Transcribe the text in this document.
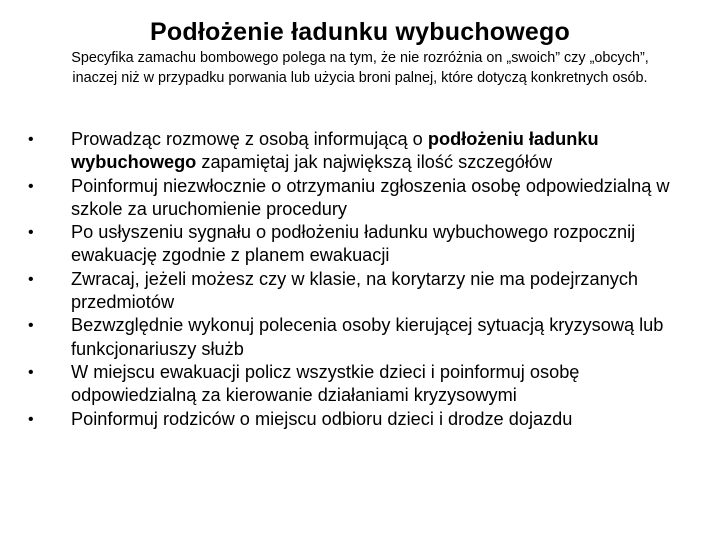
Podłożenie ładunku wybuchowego
Specyfika zamachu bombowego polega na tym, że nie rozróżnia on „swoich” czy „obcych”, inaczej niż w przypadku porwania lub użycia broni palnej, które dotyczą konkretnych osób.
•	Prowadząc rozmowę z osobą informującą o podłożeniu ładunku wybuchowego zapamiętaj jak największą ilość szczegółów
•	Poinformuj niezwłocznie o otrzymaniu zgłoszenia osobę odpowiedzialną w szkole za uruchomienie procedury
•	Po usłyszeniu sygnału o podłożeniu ładunku wybuchowego rozpocznij ewakuację zgodnie z planem ewakuacji
•	Zwracaj, jeżeli możesz czy w klasie, na korytarzy nie ma podejrzanych przedmiotów
•	Bezwzględnie wykonuj polecenia osoby kierującej sytuacją kryzysową lub funkcjonariuszy służb
•	W miejscu ewakuacji policz wszystkie dzieci i poinformuj osobę odpowiedzialną za kierowanie działaniami kryzysowymi
•	Poinformuj rodziców o miejscu odbioru dzieci i drodze dojazdu
